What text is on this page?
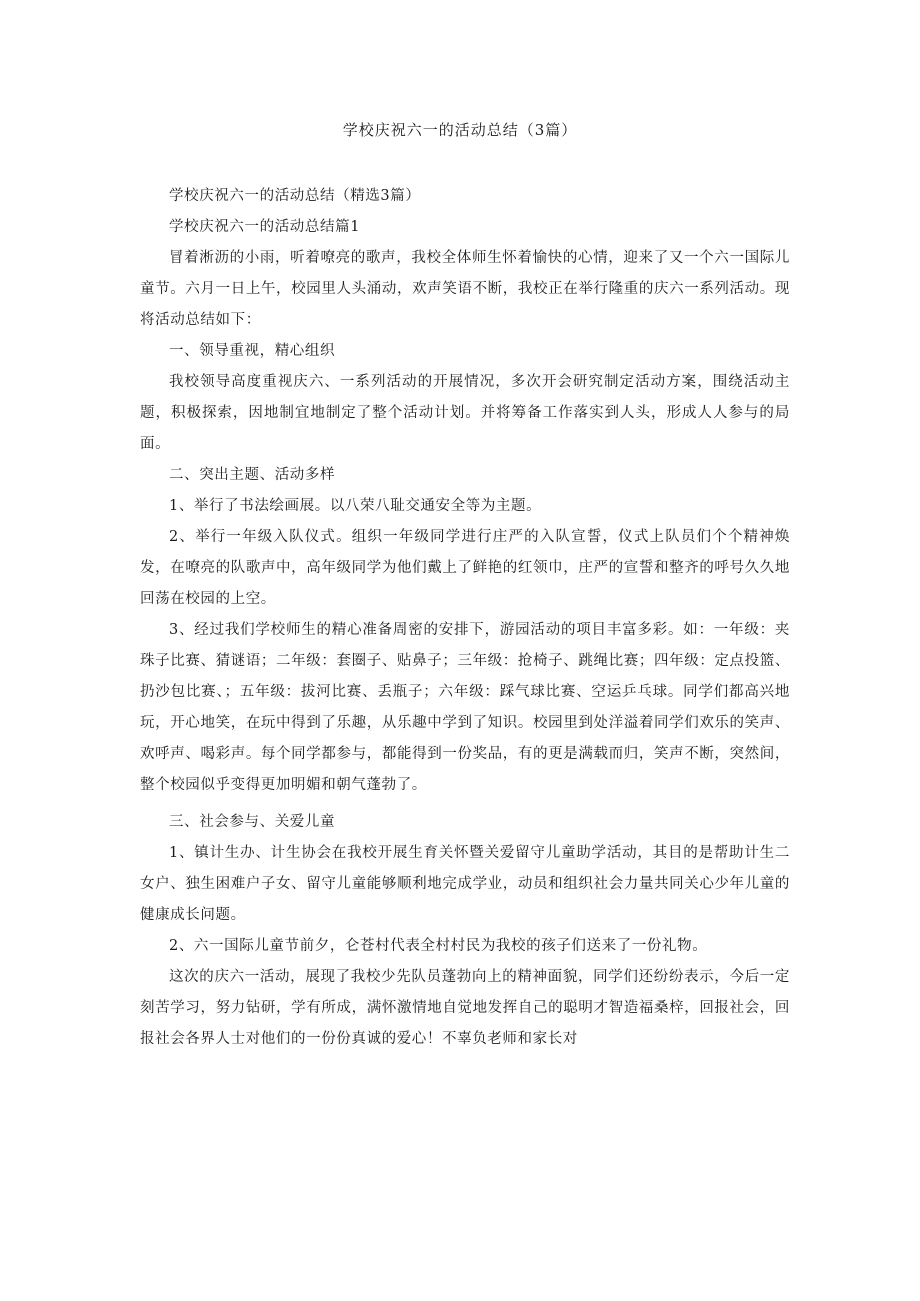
学校庆祝六一的活动总结（3篇）

学校庆祝六一的活动总结（精选3篇）

学校庆祝六一的活动总结篇1

冒着淅沥的小雨，听着嘹亮的歌声，我校全体师生怀着愉快的心情，迎来了又一个六一国际儿童节。六月一日上午，校园里人头涌动，欢声笑语不断，我校正在举行隆重的庆六一系列活动。现将活动总结如下：

一、领导重视，精心组织

我校领导高度重视庆六、一系列活动的开展情况，多次开会研究制定活动方案，围绕活动主题，积极探索，因地制宜地制定了整个活动计划。并将筹备工作落实到人头，形成人人参与的局面。

二、突出主题、活动多样

1、举行了书法绘画展。以八荣八耻交通安全等为主题。

2、举行一年级入队仪式。组织一年级同学进行庄严的入队宣誓，仪式上队员们个个精神焕发，在嘹亮的队歌声中，高年级同学为他们戴上了鲜艳的红领巾，庄严的宣誓和整齐的呼号久久地回荡在校园的上空。

3、经过我们学校师生的精心准备周密的安排下，游园活动的项目丰富多彩。如：一年级：夹珠子比赛、猜谜语；二年级：套圈子、贴鼻子；三年级：抢椅子、跳绳比赛；四年级：定点投篮、扔沙包比赛、；五年级：拔河比赛、丢瓶子；六年级：踩气球比赛、空运乒乓球。同学们都高兴地玩，开心地笑，在玩中得到了乐趣，从乐趣中学到了知识。校园里到处洋溢着同学们欢乐的笑声、欢呼声、喝彩声。每个同学都参与，都能得到一份奖品，有的更是满载而归，笑声不断，突然间，整个校园似乎变得更加明媚和朝气蓬勃了。

三、社会参与、关爱儿童

1、镇计生办、计生协会在我校开展生育关怀暨关爱留守儿童助学活动，其目的是帮助计生二女户、独生困难户子女、留守儿童能够顺利地完成学业，动员和组织社会力量共同关心少年儿童的健康成长问题。

2、六一国际儿童节前夕，仑苍村代表全村村民为我校的孩子们送来了一份礼物。

这次的庆六一活动，展现了我校少先队员蓬勃向上的精神面貌，同学们还纷纷表示，今后一定刻苦学习，努力钻研，学有所成，满怀激情地自觉地发挥自己的聪明才智造福桑梓，回报社会，回报社会各界人士对他们的一份份真诚的爱心！不辜负老师和家长对
